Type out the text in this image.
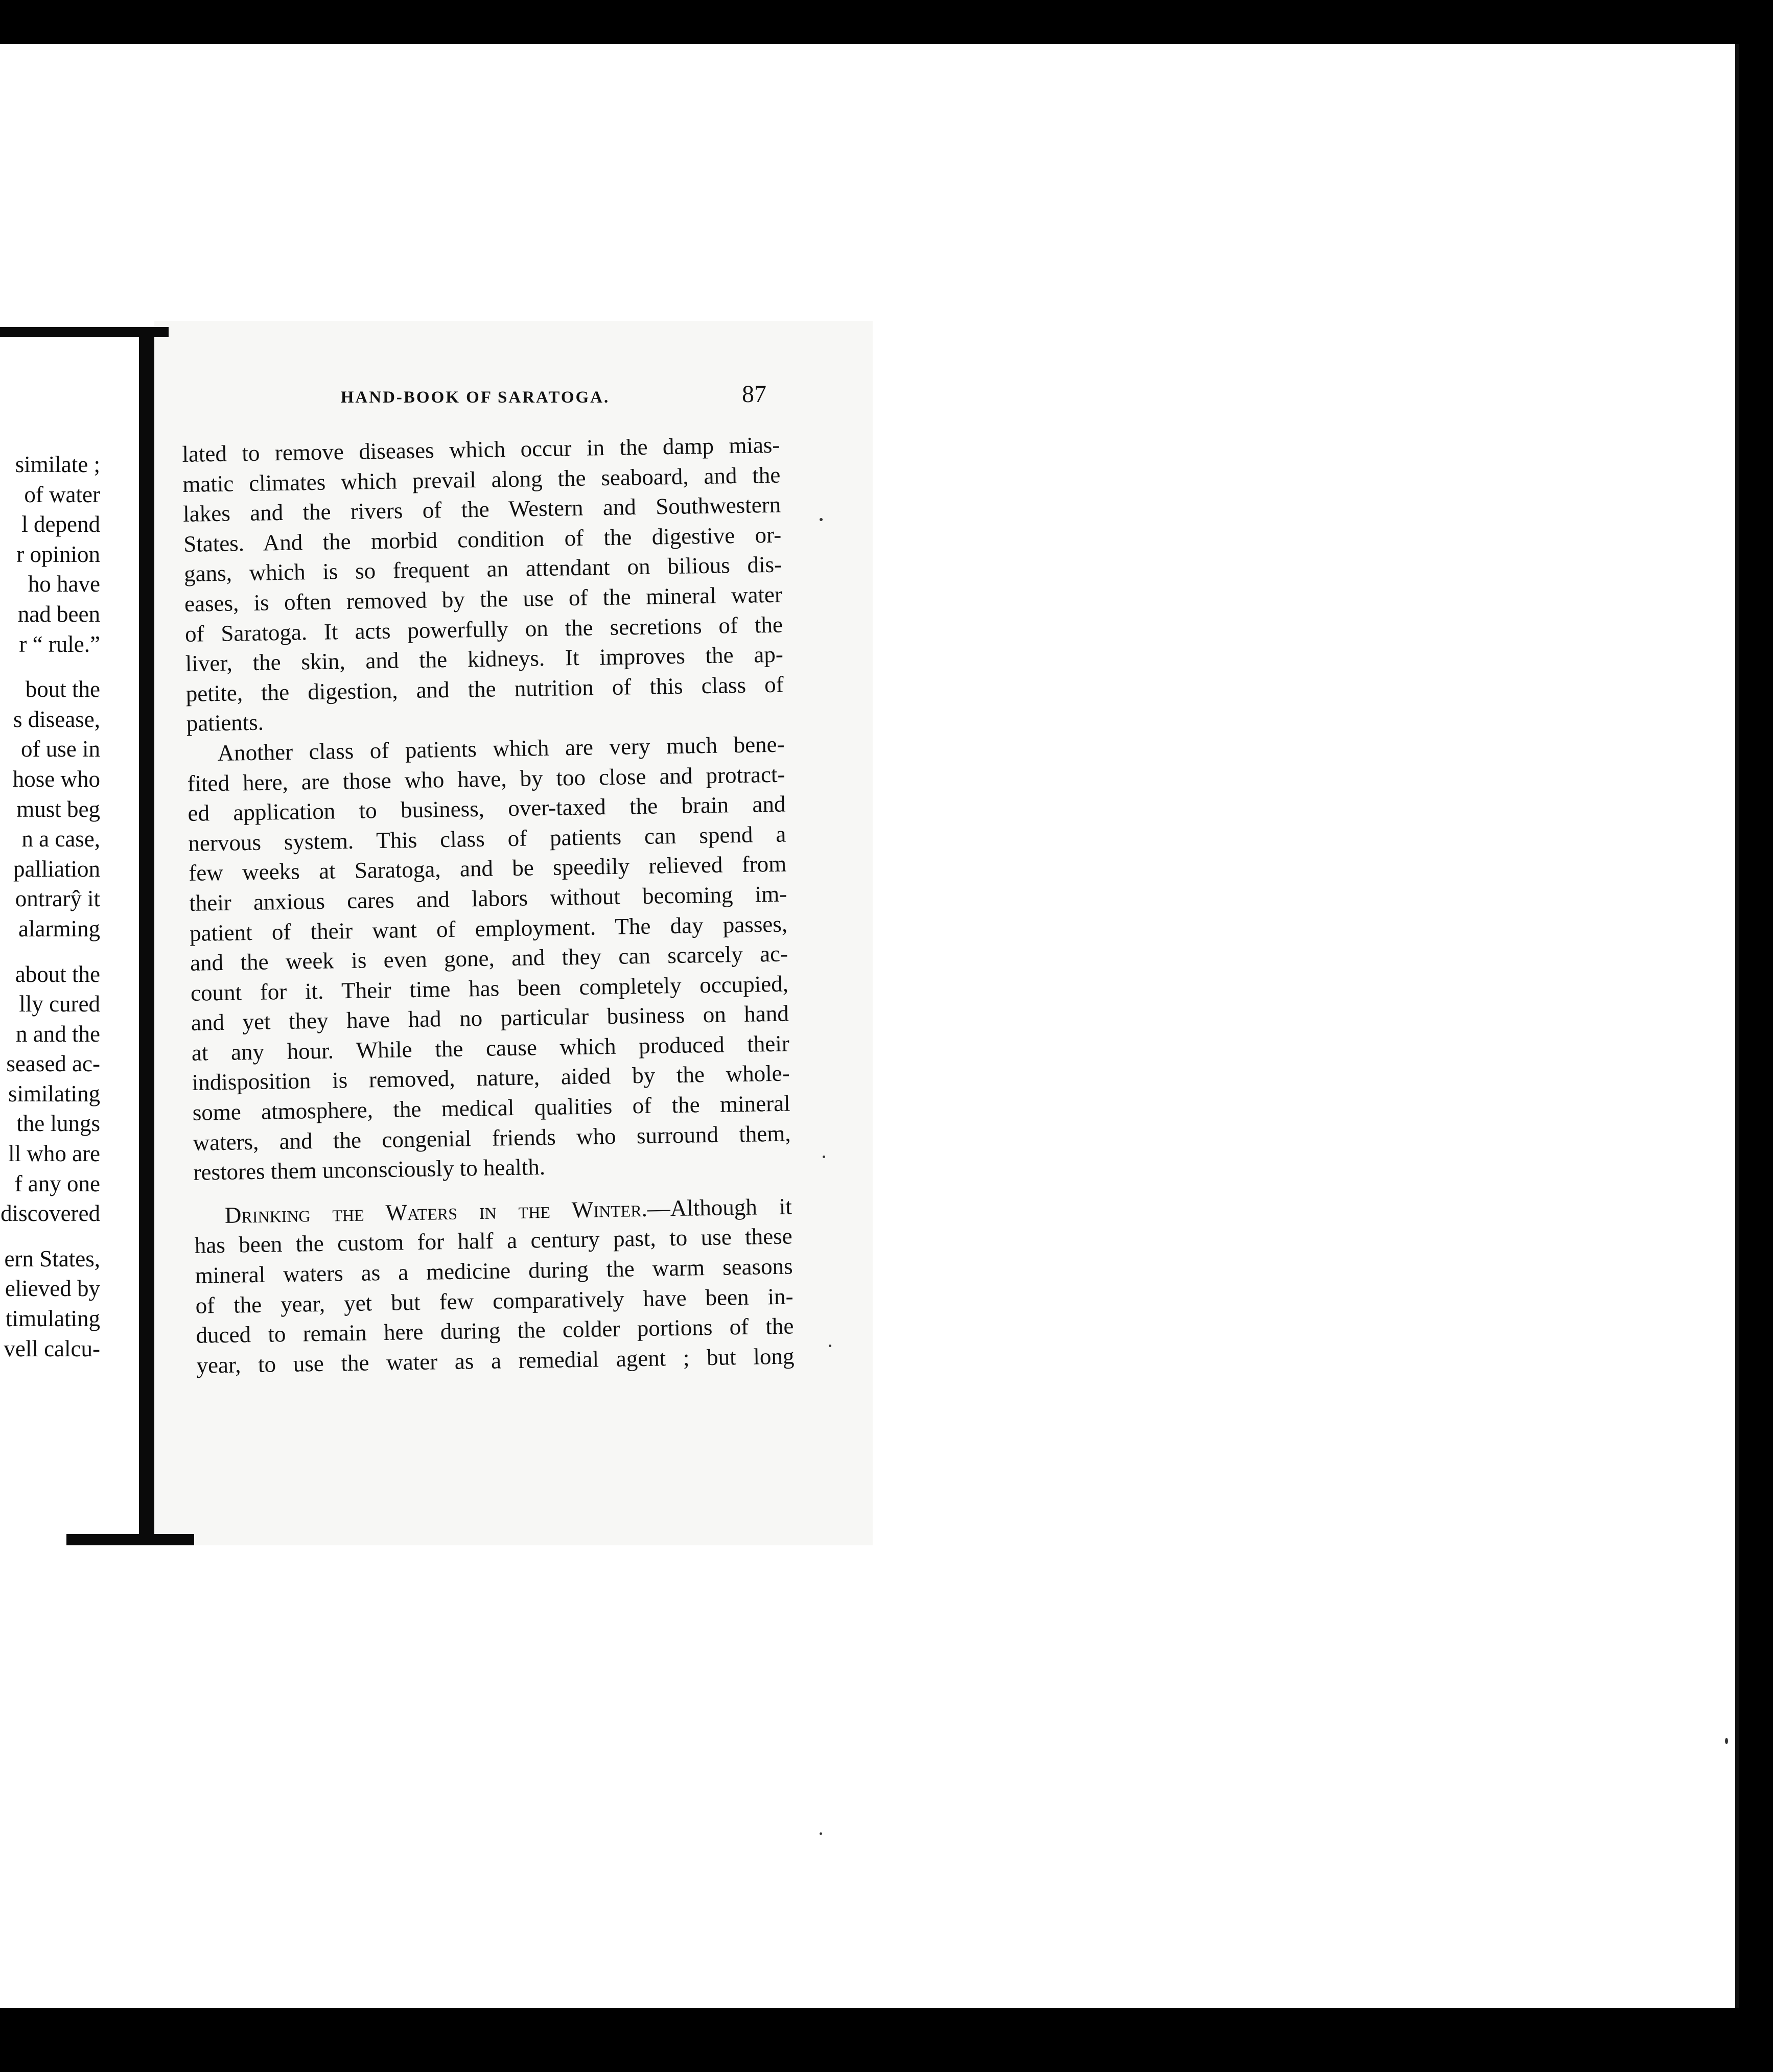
similate ;
of water
l depend
r opinion
ho have
nad been
r “ rule.”
bout the
s disease,
of use in
hose who
must beg
n a case,
palliation
ontrarŷ it
alarming
about the
lly cured
n and the
seased ac-
similating
the lungs
ll who are
f any one
discovered
ern States,
elieved by
timulating
vell calcu-
HAND-BOOK OF SARATOGA.	87
lated to remove diseases which occur in the damp mias-
matic climates which prevail along the seaboard, and the
lakes and the rivers of the Western and Southwestern
States. And the morbid condition of the digestive or-
gans, which is so frequent an attendant on bilious dis-
eases, is often removed by the use of the mineral water
of Saratoga. It acts powerfully on the secretions of the
liver, the skin, and the kidneys. It improves the ap-
petite, the digestion, and the nutrition of this class of
patients.
Another class of patients which are very much bene-
fited here, are those who have, by too close and protract-
ed application to business, over-taxed the brain and
nervous system. This class of patients can spend a
few weeks at Saratoga, and be speedily relieved from
their anxious cares and labors without becoming im-
patient of their want of employment. The day passes,
and the week is even gone, and they can scarcely ac-
count for it. Their time has been completely occupied,
and yet they have had no particular business on hand
at any hour. While the cause which produced their
indisposition is removed, nature, aided by the whole-
some atmosphere, the medical qualities of the mineral
waters, and the congenial friends who surround them,
restores them unconsciously to health.
Drinking the Waters in the Winter.—Although it
has been the custom for half a century past, to use these
mineral waters as a medicine during the warm seasons
of the year, yet but few comparatively have been in-
duced to remain here during the colder portions of the
year, to use the water as a remedial agent ; but long
